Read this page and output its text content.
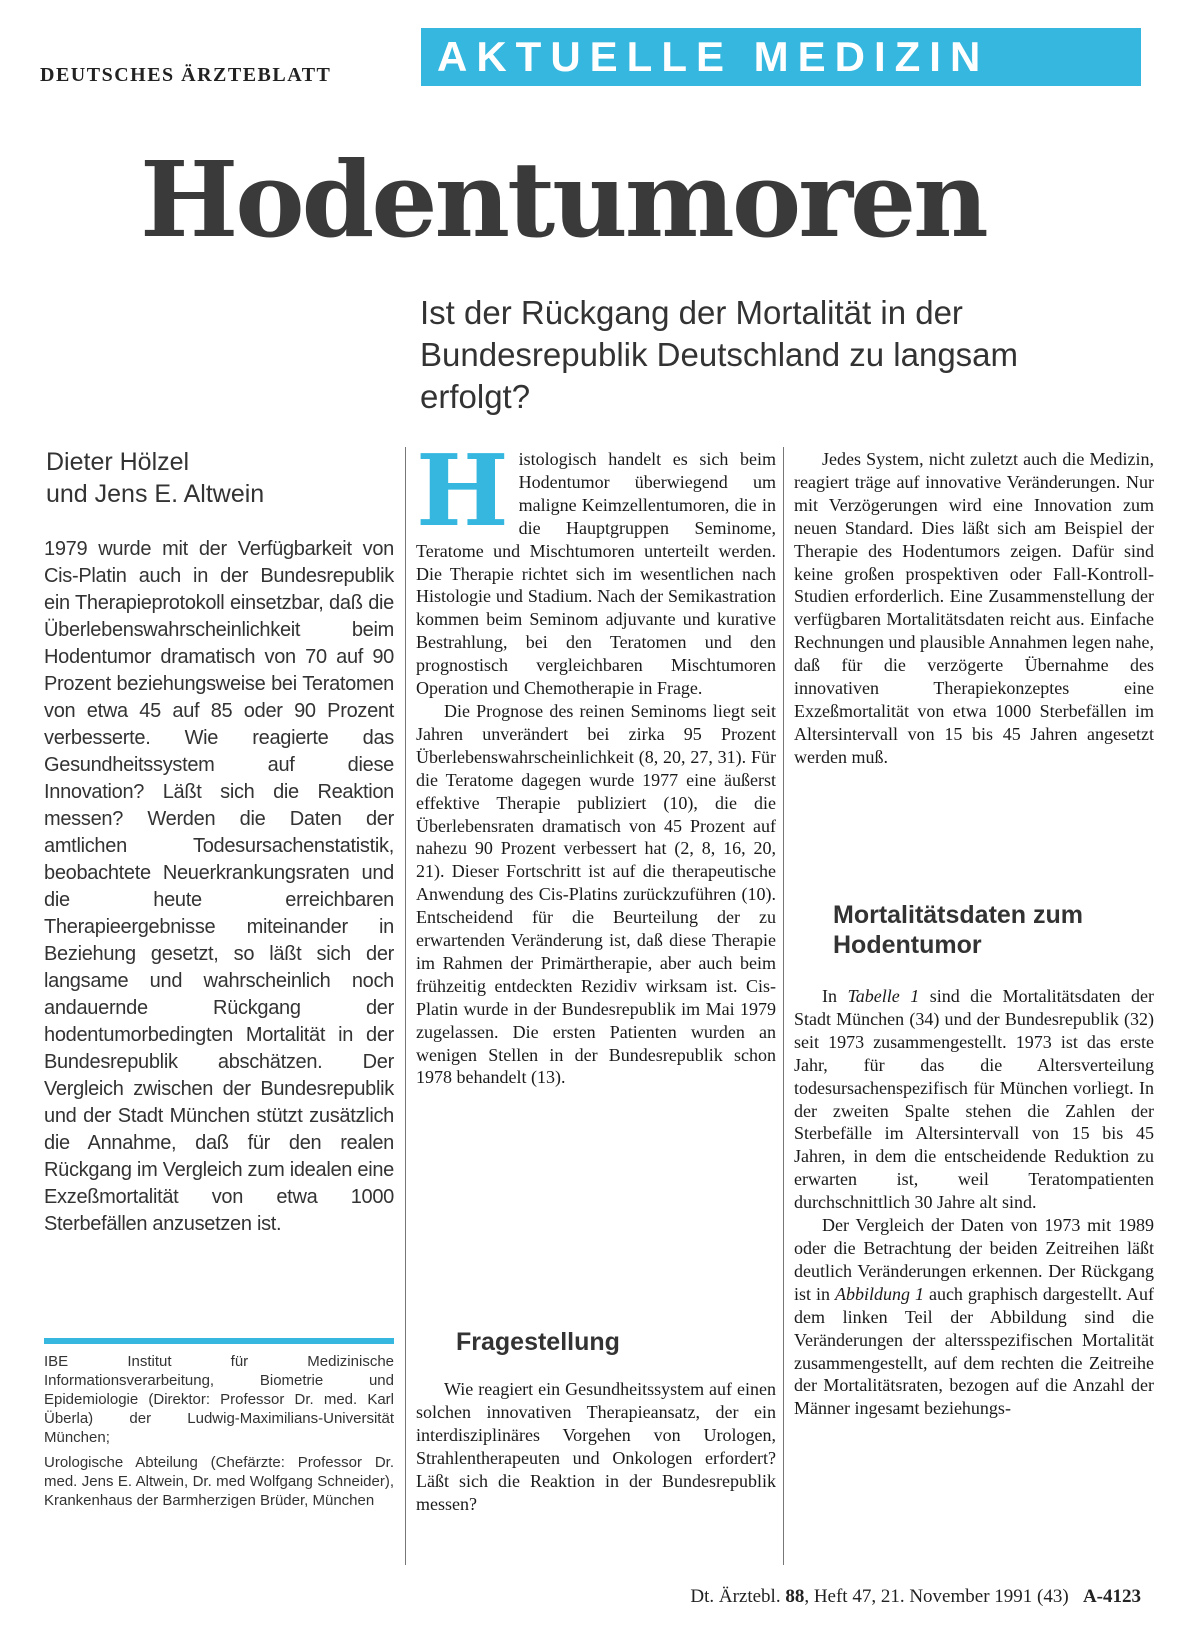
DEUTSCHES ÄRZTEBLATT	AKTUELLE MEDIZIN
Hodentumoren
Ist der Rückgang der Mortalität in der Bundesrepublik Deutschland zu langsam erfolgt?
Dieter Hölzel
und Jens E. Altwein
1979 wurde mit der Verfügbarkeit von Cis-Platin auch in der Bundesrepublik ein Therapieprotokoll einsetzbar, daß die Überlebenswahrscheinlichkeit beim Hodentumor dramatisch von 70 auf 90 Prozent beziehungsweise bei Teratomen von etwa 45 auf 85 oder 90 Prozent verbesserte. Wie reagierte das Gesundheitssystem auf diese Innovation? Läßt sich die Reaktion messen? Werden die Daten der amtlichen Todesursachenstatistik, beobachtete Neuerkrankungsraten und die heute erreichbaren Therapieergebnisse miteinander in Beziehung gesetzt, so läßt sich der langsame und wahrscheinlich noch andauernde Rückgang der hodentumorbedingten Mortalität in der Bundesrepublik abschätzen. Der Vergleich zwischen der Bundesrepublik und der Stadt München stützt zusätzlich die Annahme, daß für den realen Rückgang im Vergleich zum idealen eine Exzeßmortalität von etwa 1000 Sterbefällen anzusetzen ist.
IBE Institut für Medizinische Informationsverarbeitung, Biometrie und Epidemiologie (Direktor: Professor Dr. med. Karl Überla) der Ludwig-Maximilians-Universität München;
Urologische Abteilung (Chefärzte: Professor Dr. med. Jens E. Altwein, Dr. med Wolfgang Schneider), Krankenhaus der Barmherzigen Brüder, München

Histologisch handelt es sich beim Hodentumor überwiegend um maligne Keimzellentumoren, die in die Hauptgruppen Seminome, Teratome und Mischtumoren unterteilt werden. Die Therapie richtet sich im wesentlichen nach Histologie und Stadium. Nach der Semikastration kommen beim Seminom adjuvante und kurative Bestrahlung, bei den Teratomen und den prognostisch vergleichbaren Mischtumoren Operation und Chemotherapie in Frage.

Die Prognose des reinen Seminoms liegt seit Jahren unverändert bei zirka 95 Prozent Überlebenswahrscheinlichkeit (8, 20, 27, 31). Für die Teratome dagegen wurde 1977 eine äußerst effektive Therapie publiziert (10), die die Überlebensraten dramatisch von 45 Prozent auf nahezu 90 Prozent verbessert hat (2, 8, 16, 20, 21). Dieser Fortschritt ist auf die therapeutische Anwendung des Cis-Platins zurückzuführen (10). Entscheidend für die Beurteilung der zu erwartenden Veränderung ist, daß diese Therapie im Rahmen der Primärtherapie, aber auch beim frühzeitig entdeckten Rezidiv wirksam ist. Cis-Platin wurde in der Bundesrepublik im Mai 1979 zugelassen. Die ersten Patienten wurden an wenigen Stellen in der Bundesrepublik schon 1978 behandelt (13).

Fragestellung

Wie reagiert ein Gesundheitssystem auf einen solchen innovativen Therapieansatz, der ein interdisziplinäres Vorgehen von Urologen, Strahlentherapeuten und Onkologen erfordert? Läßt sich die Reaktion in der Bundesrepublik messen?

Jedes System, nicht zuletzt auch die Medizin, reagiert träge auf innovative Veränderungen. Nur mit Verzögerungen wird eine Innovation zum neuen Standard. Dies läßt sich am Beispiel der Therapie des Hodentumors zeigen. Dafür sind keine großen prospektiven oder Fall-Kontroll-Studien erforderlich. Eine Zusammenstellung der verfügbaren Mortalitätsdaten reicht aus. Einfache Rechnungen und plausible Annahmen legen nahe, daß für die verzögerte Übernahme des innovativen Therapiekonzeptes eine Exzeßmortalität von etwa 1000 Sterbefällen im Altersintervall von 15 bis 45 Jahren angesetzt werden muß.

Mortalitätsdaten zum Hodentumor

In Tabelle 1 sind die Mortalitätsdaten der Stadt München (34) und der Bundesrepublik (32) seit 1973 zusammengestellt. 1973 ist das erste Jahr, für das die Altersverteilung todesursachenspezifisch für München vorliegt. In der zweiten Spalte stehen die Zahlen der Sterbefälle im Altersintervall von 15 bis 45 Jahren, in dem die entscheidende Reduktion zu erwarten ist, weil Teratompatienten durchschnittlich 30 Jahre alt sind.

Der Vergleich der Daten von 1973 mit 1989 oder die Betrachtung der beiden Zeitreihen läßt deutlich Veränderungen erkennen. Der Rückgang ist in Abbildung 1 auch graphisch dargestellt. Auf dem linken Teil der Abbildung sind die Veränderungen der altersspezifischen Mortalität zusammengestellt, auf dem rechten die Zeitreihe der Mortalitätsraten, bezogen auf die Anzahl der Männer ingesamt beziehungs-

Dt. Ärztebl. 88, Heft 47, 21. November 1991 (43) A-4123
